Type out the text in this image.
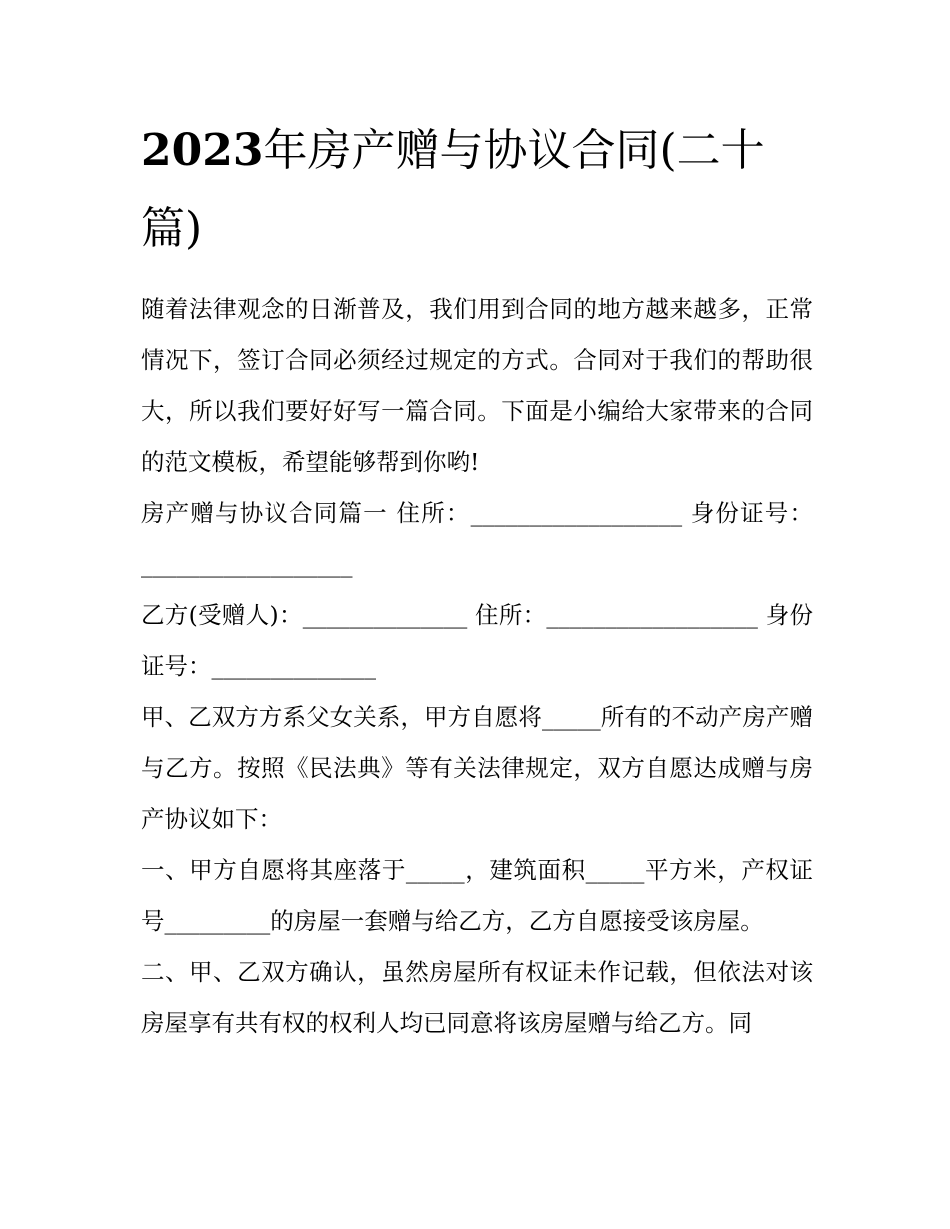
2023年房产赠与协议合同(二十篇)

随着法律观念的日渐普及，我们用到合同的地方越来越多，正常情况下，签订合同必须经过规定的方式。合同对于我们的帮助很大，所以我们要好好写一篇合同。下面是小编给大家带来的合同的范文模板，希望能够帮到你哟!

房产赠与协议合同篇一 住所：__________________ 身份证号：__________________

乙方(受赠人)：______________ 住所：__________________ 身份证号：______________

甲、乙双方方系父女关系，甲方自愿将_____所有的不动产房产赠与乙方。按照《民法典》等有关法律规定，双方自愿达成赠与房产协议如下：

一、甲方自愿将其座落于_____，建筑面积_____平方米，产权证号_________的房屋一套赠与给乙方，乙方自愿接受该房屋。

二、甲、乙双方确认，虽然房屋所有权证未作记载，但依法对该房屋享有共有权的权利人均已同意将该房屋赠与给乙方。同
